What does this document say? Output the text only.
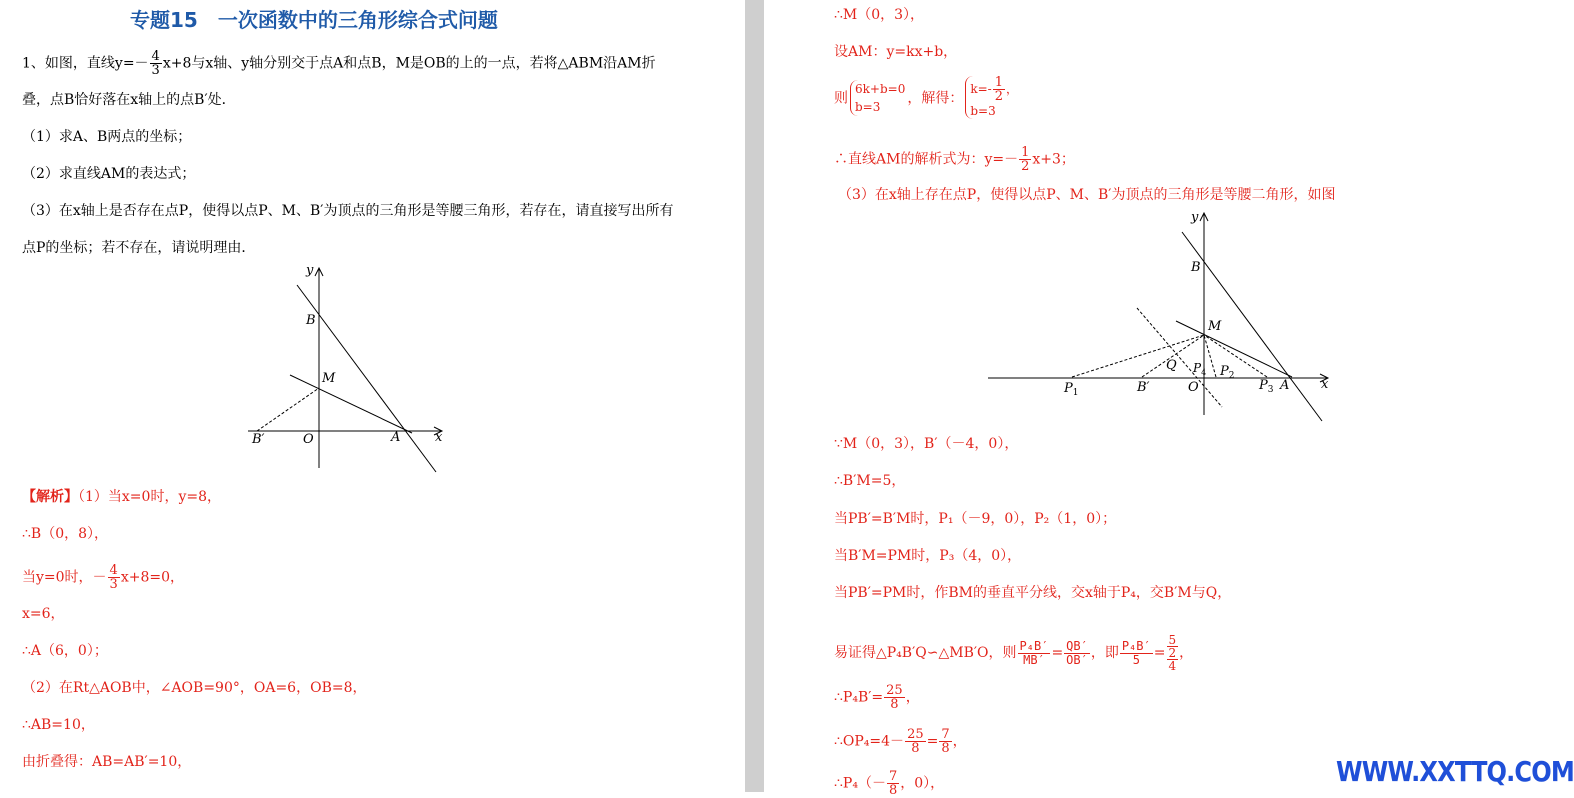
专题15　一次函数中的三角形综合式问题
1、如图，直线$y=- \frac{4}{3} x+8$与x轴、y轴分别交于点A和点B，M是OB的上的一点，若将△ABM沿AM折
叠，点B恰好落在x轴上的点B′处．
（1）求A、B两点的坐标；
（2）求直线AM的表达式；
（3）在x轴上是否存在点P，使得以点P、M、B′为顶点的三角形是等腰三角形，若存在，请直接写出所有
点P的坐标；若不存在，请说明理由．
x
y
B
M
O	A
B′
【解析】（1）当x=0时，y=8，
∴B（0，8），
当y=0时，－ $\frac{4}{3} x+8=0$，
x=6，
∴A（6，0）；
（2）在Rt△AOB中，∠AOB=90°，OA=6，OB=8，
∴AB=10，
由折叠得：AB=AB′=10，
∴M（0，3），
设AM：y=kx+b，
则
6k+b=0
b=3	，解得：
$k=- \frac{1}{2}$ ，
b=3
∴直线AM的解析式为：$y=- \frac{1}{2} x+3$；
（3）在x轴上存在点P，使得以点P、M、B′为顶点的三角形是等腰二角形，如图
x
y
B
M
Q
$P_1$	B′	O
$P_4$ $P_2$
$P_3$ A
∵M（0，3），B′（－4，0），
∴B′M=5，
当PB′=B′M时，P₁（－9，0），P₂（1，0）；
当B′M=PM时，P₃（4，0），
当PB′=PM时，作BM的垂直平分线，交x轴于P₄，交B′M与Q，
易证得△P₄B′Q∽△MB′O，则 $\frac{\text{P₄B′}}{MB'} = \frac{QB'}{OB'}$ ，即 $\frac{\text{P₄B′}}{5} = 5$
2
4 ，
∴P₄B′= $\frac{25}{8}$ ，
∴OP₄=4－ $\frac{25}{8} = \frac{7}{8}$ ，
∴P₄（－ $\frac{7}{8}$ ，0），	WWW.XXTTQ.COM
